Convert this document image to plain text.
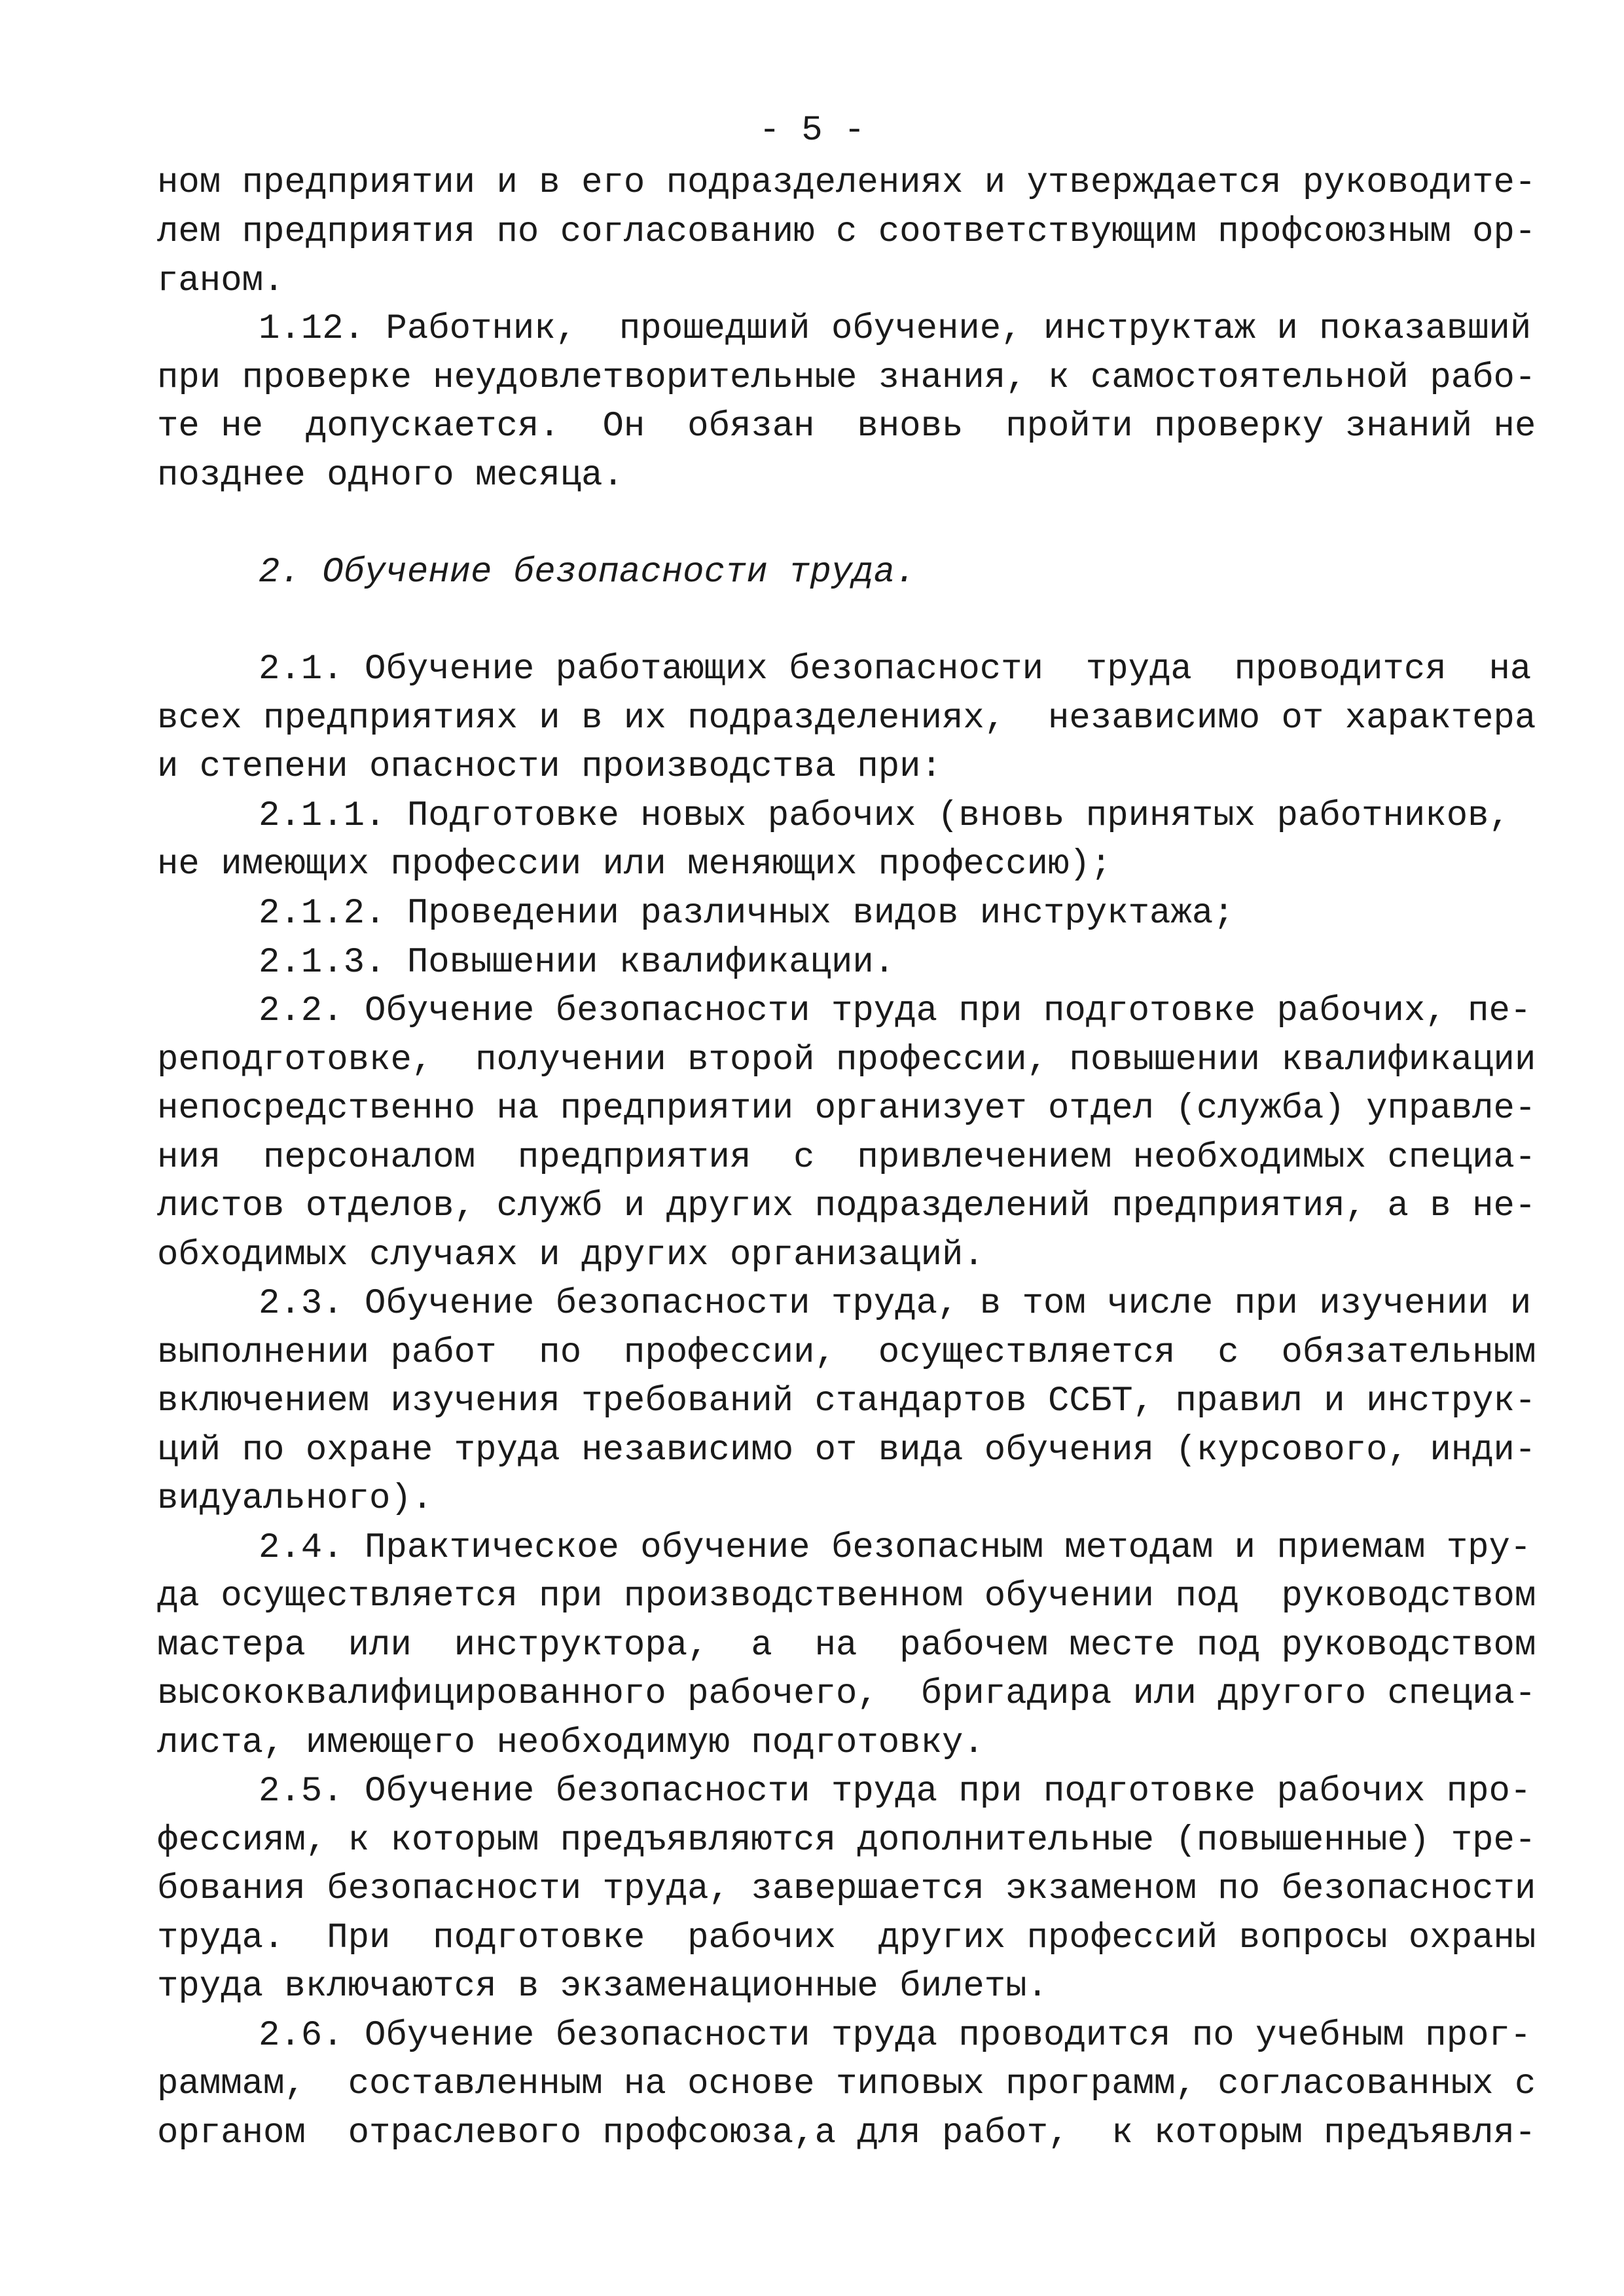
- 5 -
ном предприятии и в его подразделениях и утверждается руководите-
лем предприятия по согласованию с соответствующим профсоюзным ор-
ганом.
1.12. Работник,  прошедший обучение, инструктаж и показавший
при проверке неудовлетворительные знания, к самостоятельной рабо-
те не  допускается.  Он  обязан  вновь  пройти проверку знаний не
позднее одного месяца.
2. Обучение безопасности труда.
2.1. Обучение работающих безопасности  труда  проводится  на
всех предприятиях и в их подразделениях,  независимо от характера
и степени опасности производства при:
2.1.1. Подготовке новых рабочих (вновь принятых работников,
не имеющих профессии или меняющих профессию);
2.1.2. Проведении различных видов инструктажа;
2.1.3. Повышении квалификации.
2.2. Обучение безопасности труда при подготовке рабочих, пе-
реподготовке,  получении второй профессии, повышении квалификации
непосредственно на предприятии организует отдел (служба) управле-
ния  персоналом  предприятия  с  привлечением необходимых специа-
листов отделов, служб и других подразделений предприятия, а в не-
обходимых случаях и других организаций.
2.3. Обучение безопасности труда, в том числе при изучении и
выполнении работ  по  профессии,  осуществляется  с  обязательным
включением изучения требований стандартов ССБТ, правил и инструк-
ций по охране труда независимо от вида обучения (курсового, инди-
видуального).
2.4. Практическое обучение безопасным методам и приемам тру-
да осуществляется при производственном обучении под  руководством
мастера  или  инструктора,  а  на  рабочем месте под руководством
высококвалифицированного рабочего,  бригадира или другого специа-
листа, имеющего необходимую подготовку.
2.5. Обучение безопасности труда при подготовке рабочих про-
фессиям, к которым предъявляются дополнительные (повышенные) тре-
бования безопасности труда, завершается экзаменом по безопасности
труда.  При  подготовке  рабочих  других профессий вопросы охраны
труда включаются в экзаменационные билеты.
2.6. Обучение безопасности труда проводится по учебным прог-
раммам,  составленным на основе типовых программ, согласованных с
органом  отраслевого профсоюза,а для работ,  к которым предъявля-
